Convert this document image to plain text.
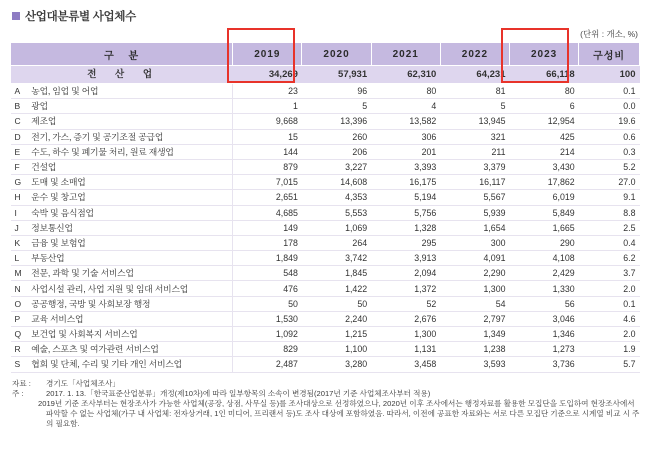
산업대분류별 사업체수
(단위 : 개소, %)
구 분		2019	2020	2021	2022	2023	구성비
전 산 업		34,269	57,931	62,310	64,231	66,118	100
A	농업, 임업 및 어업	23	96	80	81	80	0.1
B	광업	1	5	4	5	6	0.0
C	제조업	9,668	13,396	13,582	13,945	12,954	19.6
D	전기, 가스, 증기 및 공기조절 공급업	15	260	306	321	425	0.6
E	수도, 하수 및 폐기물 처리, 원료 재생업	144	206	201	211	214	0.3
F	건설업	879	3,227	3,393	3,379	3,430	5.2
G	도매 및 소매업	7,015	14,608	16,175	16,117	17,862	27.0
H	운수 및 창고업	2,651	4,353	5,194	5,567	6,019	9.1
I	숙박 및 음식점업	4,685	5,553	5,756	5,939	5,849	8.8
J	정보통신업	149	1,069	1,328	1,654	1,665	2.5
K	금융 및 보험업	178	264	295	300	290	0.4
L	부동산업	1,849	3,742	3,913	4,091	4,108	6.2
M	전문, 과학 및 기술 서비스업	548	1,845	2,094	2,290	2,429	3.7
N	사업시설 관리, 사업 지원 및 임대 서비스업	476	1,422	1,372	1,300	1,330	2.0
O	공공행정, 국방 및 사회보장 행정	50	50	52	54	56	0.1
P	교육 서비스업	1,530	2,240	2,676	2,797	3,046	4.6
Q	보건업 및 사회복지 서비스업	1,092	1,215	1,300	1,349	1,346	2.0
R	예술, 스포츠 및 여가관련 서비스업	829	1,100	1,131	1,238	1,273	1.9
S	협회 및 단체, 수리 및 기타 개인 서비스업	2,487	3,280	3,458	3,593	3,736	5.7
자료 :	경기도「사업체조사」
주 :	2017. 1. 13.「한국표준산업분류」개정(제10차)에 따라 일부항목의 소속이 변경됨(2017년 기준 사업체조사부터 적용)

2019년 기준 조사부터는 현장조사가 가능한 사업체(공장, 상점, 사무실 등)를 조사대상으로 선정하였으나, 2020년 이후 조사에서는 행정자료를 활용한 모집단을 도입하여 현장조사에서 파악할 수 없는 사업체(가구 내 사업체: 전자상거래, 1인 미디어, 프리랜서 등)도 조사 대상에 포함하였음. 따라서, 이전에 공표한 자료와는 서로 다른 모집단 기준으로 시계열 비교 시 주의 필요함.
